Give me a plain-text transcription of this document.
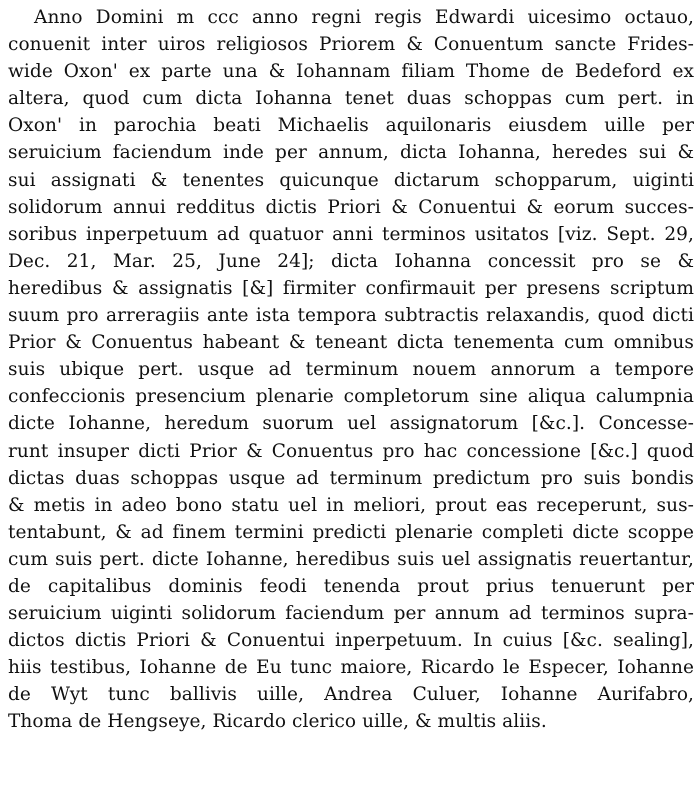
Anno Domini m ccc anno regni regis Edwardi uicesimo octauo,
conuenit inter uiros religiosos Priorem & Conuentum sancte Frides-
wide Oxon' ex parte una & Iohannam filiam Thome de Bedeford ex
altera, quod cum dicta Iohanna tenet duas schoppas cum pert. in
Oxon' in parochia beati Michaelis aquilonaris eiusdem uille per
seruicium faciendum inde per annum, dicta Iohanna, heredes sui &
sui assignati & tenentes quicunque dictarum schopparum, uiginti
solidorum annui redditus dictis Priori & Conuentui & eorum succes-
soribus inperpetuum ad quatuor anni terminos usitatos [viz. Sept. 29,
Dec. 21, Mar. 25, June 24]; dicta Iohanna concessit pro se &
heredibus & assignatis [&] firmiter confirmauit per presens scriptum
suum pro arreragiis ante ista tempora subtractis relaxandis, quod dicti
Prior & Conuentus habeant & teneant dicta tenementa cum omnibus
suis ubique pert. usque ad terminum nouem annorum a tempore
confeccionis presencium plenarie completorum sine aliqua calumpnia
dicte Iohanne, heredum suorum uel assignatorum [&c.]. Concesse-
runt insuper dicti Prior & Conuentus pro hac concessione [&c.] quod
dictas duas schoppas usque ad terminum predictum pro suis bondis
& metis in adeo bono statu uel in meliori, prout eas receperunt, sus-
tentabunt, & ad finem termini predicti plenarie completi dicte scoppe
cum suis pert. dicte Iohanne, heredibus suis uel assignatis reuertantur,
de capitalibus dominis feodi tenenda prout prius tenuerunt per
seruicium uiginti solidorum faciendum per annum ad terminos supra-
dictos dictis Priori & Conuentui inperpetuum. In cuius [&c. sealing],
hiis testibus, Iohanne de Eu tunc maiore, Ricardo le Especer, Iohanne
de Wyt tunc ballivis uille, Andrea Culuer, Iohanne Aurifabro,
Thoma de Hengseye, Ricardo clerico uille, & multis aliis.
